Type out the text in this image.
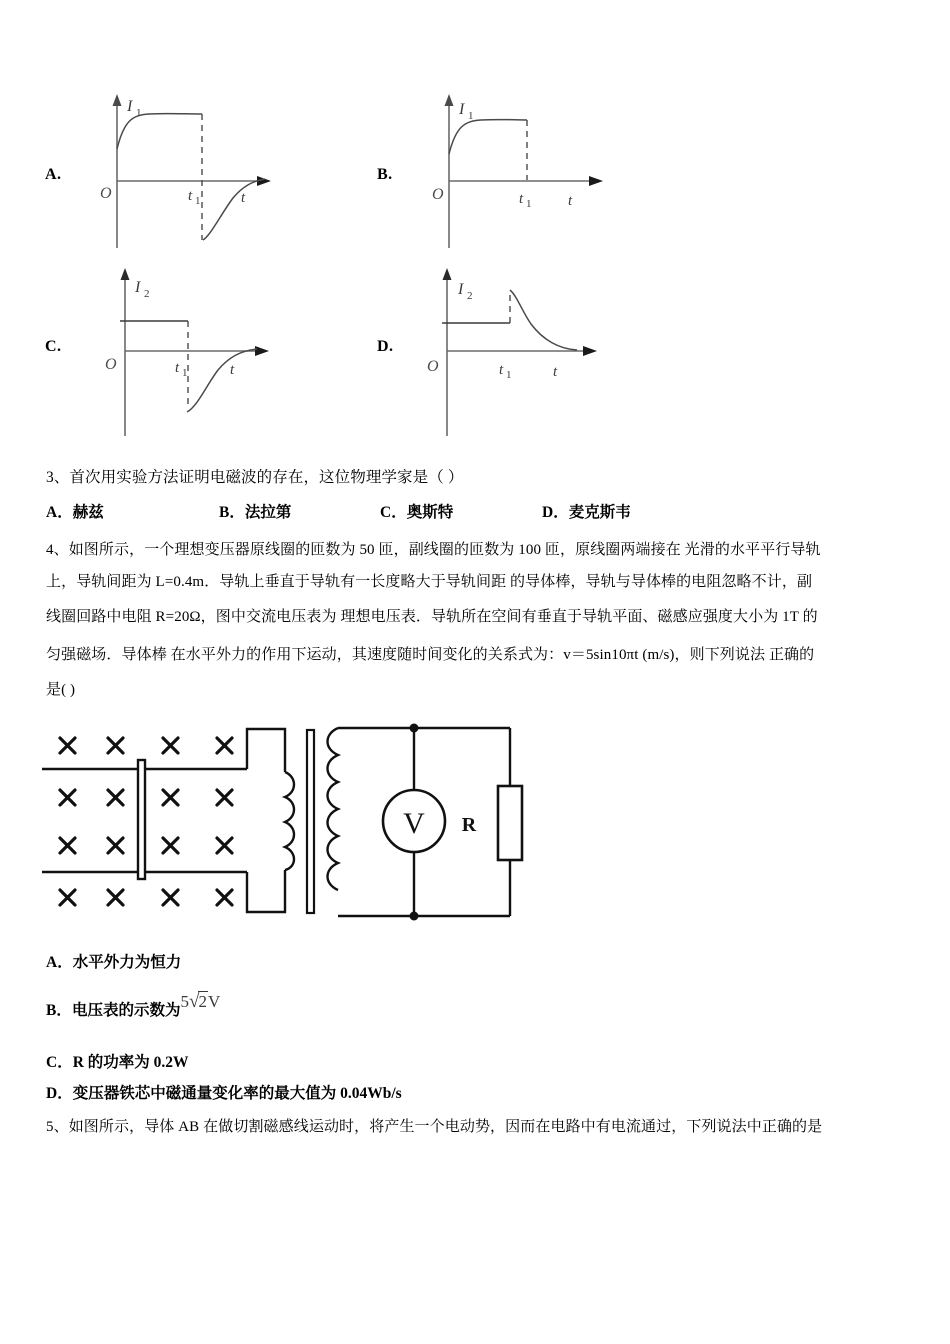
A.
I 1
O	t 1	t
B.
I 1
O	t 1 t
C.
I 2
O	t 1	t
D.
I 2
O	t 1	t
3、首次用实验方法证明电磁波的存在，这位物理学家是（ ）
A．赫兹	B．法拉第	C．奥斯特	D．麦克斯韦
4、如图所示，一个理想变压器原线圈的匝数为 50 匝，副线圈的匝数为 100 匝，原线圈两端接在 光滑的水平平行导轨
上，导轨间距为 L=0.4m．导轨上垂直于导轨有一长度略大于导轨间距 的导体棒，导轨与导体棒的电阻忽略不计，副
线圈回路中电阻 R=20Ω，图中交流电压表为 理想电压表．导轨所在空间有垂直于导轨平面、磁感应强度大小为 1T 的
匀强磁场．导体棒 在水平外力的作用下运动，其速度随时间变化的关系式为：v＝5sin10πt (m/s)，则下列说法 正确的
是( )
V R
A．水平外力为恒力
B．电压表的示数为5√2V
C．R 的功率为 0.2W
D．变压器铁芯中磁通量变化率的最大值为 0.04Wb/s
5、如图所示，导体 AB 在做切割磁感线运动时，将产生一个电动势，因而在电路中有电流通过，下列说法中正确的是
